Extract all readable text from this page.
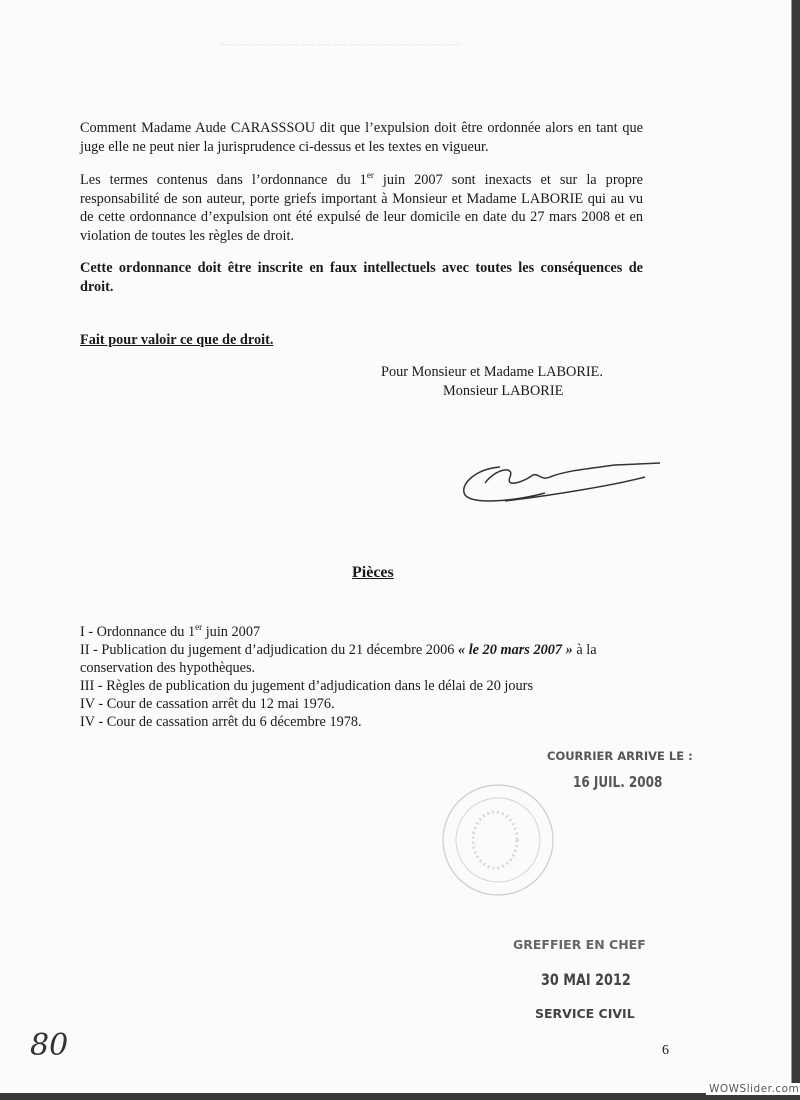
— — — — — — — — — — — — — — —
Comment Madame Aude CARASSSOU dit que l’expulsion doit être ordonnée alors en tant que juge elle ne peut nier la jurisprudence ci-dessus et les textes en vigueur.
Les termes contenus dans l’ordonnance du 1er juin 2007 sont inexacts et sur la propre responsabilité de son auteur, porte griefs important à Monsieur et Madame LABORIE qui au vu de cette ordonnance d’expulsion ont été expulsé de leur domicile en date du 27 mars 2008 et en violation de toutes les règles de droit.
Cette ordonnance doit être inscrite en faux intellectuels avec toutes les conséquences de droit.
Fait pour valoir ce que de droit.
Pour Monsieur et Madame LABORIE.
Monsieur LABORIE
Pièces
I - Ordonnance du 1er juin 2007
II - Publication du jugement d’adjudication du 21 décembre 2006 « le 20 mars 2007 » à la conservation des hypothèques.
III - Règles de publication du jugement d’adjudication dans le délai de 20 jours
IV - Cour de cassation arrêt du 12 mai 1976.
IV - Cour de cassation arrêt du 6 décembre 1978.
COURRIER ARRIVE LE :
16 JUIL. 2008
GREFFIER EN CHEF
30 MAI 2012
SERVICE CIVIL
80	6
WOWSlider.com
